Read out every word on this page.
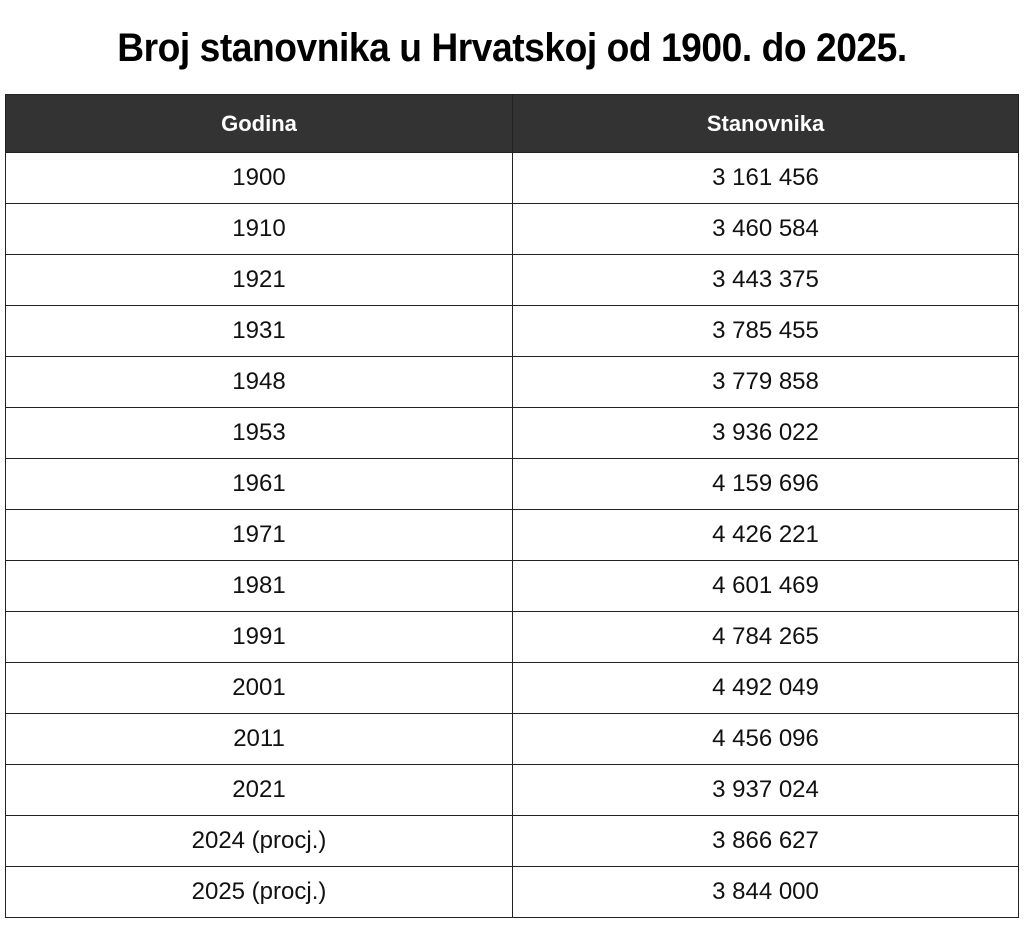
Broj stanovnika u Hrvatskoj od 1900. do 2025.
Godina	Stanovnika
1900	3 161 456
1910	3 460 584
1921	3 443 375
1931	3 785 455
1948	3 779 858
1953	3 936 022
1961	4 159 696
1971	4 426 221
1981	4 601 469
1991	4 784 265
2001	4 492 049
2011	4 456 096
2021	3 937 024
2024 (procj.)	3 866 627
2025 (procj.)	3 844 000
